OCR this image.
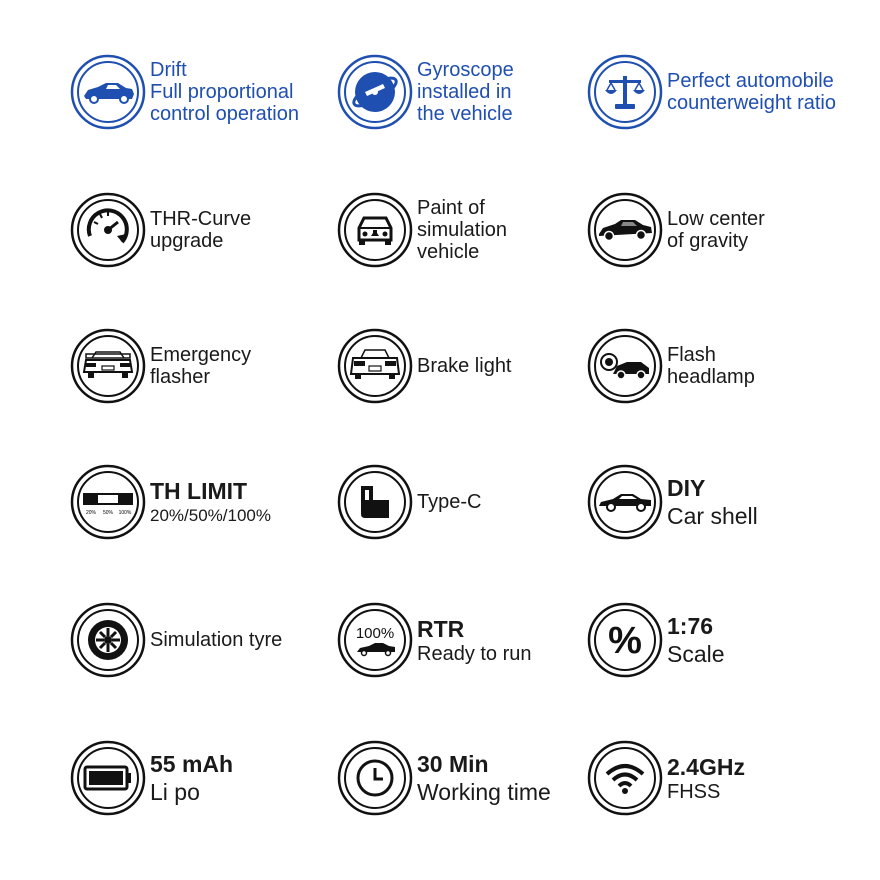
Drift
Full proportional
control operation
Gyroscope
installed in
the vehicle
Perfect automobile
counterweight ratio
THR-Curve
upgrade
Paint of
simulation
vehicle
Low center
of gravity
Emergency
flasher	Brake light	Flash
headlamp
20% 50% 100%
TH LIMIT
20%/50%/100%
Type-C
DIY
Car shell
Simulation tyre	100% RTR
Ready to run % 1:76
Scale
55 mAh
Li po
30 Min
Working time
2.4GHz
FHSS
